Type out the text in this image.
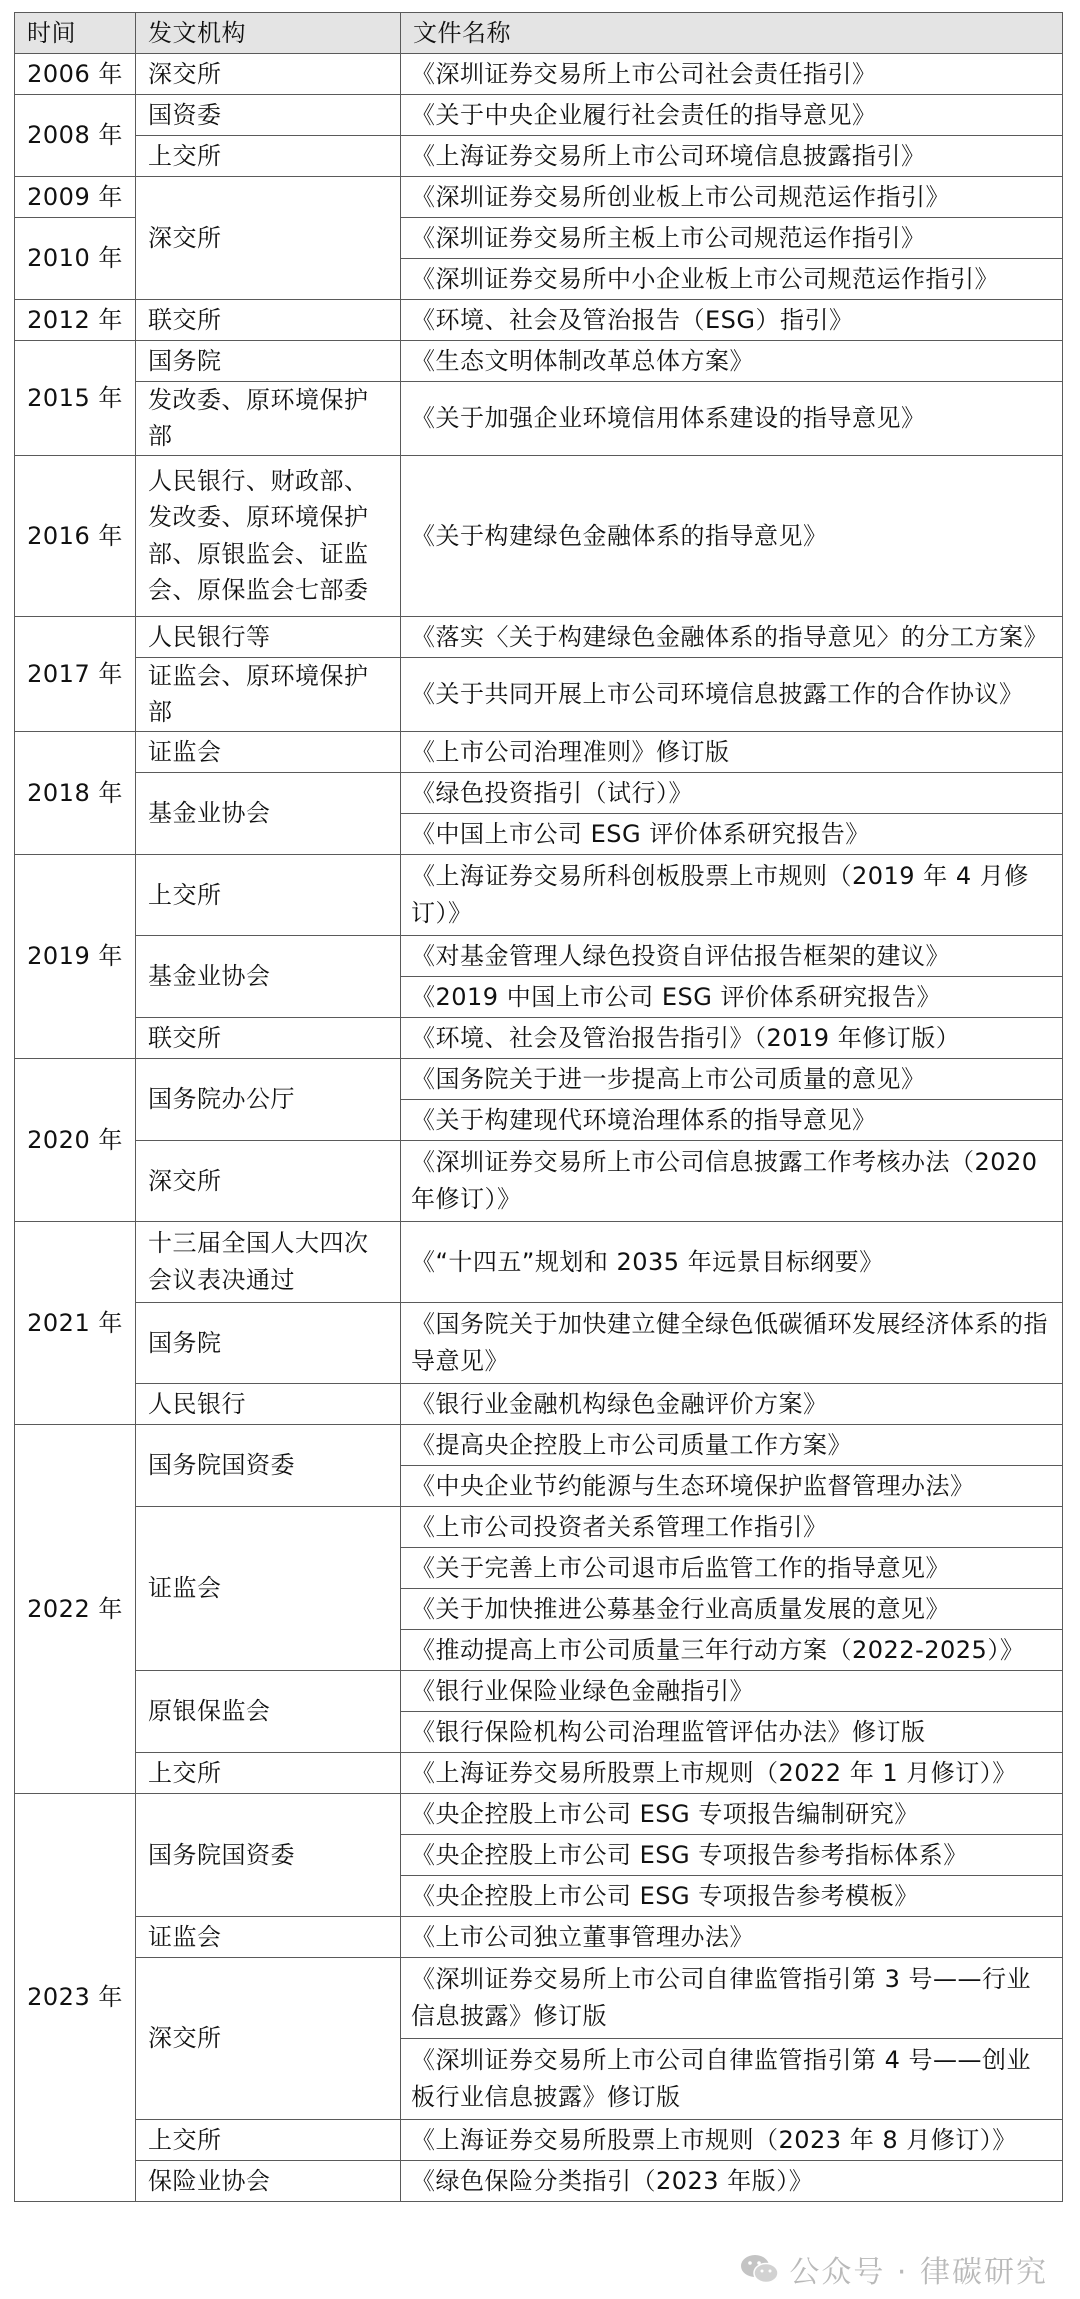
时间	发文机构	文件名称
2006 年	深交所	《深圳证券交易所上市公司社会责任指引》
2008 年	国资委	《关于中央企业履行社会责任的指导意见》
	上交所	《上海证券交易所上市公司环境信息披露指引》
2009 年	深交所	《深圳证券交易所创业板上市公司规范运作指引》
2010 年		《深圳证券交易所主板上市公司规范运作指引》
		《深圳证券交易所中小企业板上市公司规范运作指引》
2012 年	联交所	《环境、社会及管治报告（ESG）指引》
2015 年	国务院	《生态文明体制改革总体方案》
	发改委、原环境保护部	《关于加强企业环境信用体系建设的指导意见》
2016 年	人民银行、财政部、发改委、原环境保护部、原银监会、证监会、原保监会七部委	《关于构建绿色金融体系的指导意见》
2017 年	人民银行等	《落实〈关于构建绿色金融体系的指导意见〉的分工方案》
	证监会、原环境保护部	《关于共同开展上市公司环境信息披露工作的合作协议》
2018 年	证监会	《上市公司治理准则》修订版
	基金业协会	《绿色投资指引（试行）》
		《中国上市公司 ESG 评价体系研究报告》
2019 年	上交所	《上海证券交易所科创板股票上市规则（2019 年 4 月修订）》
	基金业协会	《对基金管理人绿色投资自评估报告框架的建议》
		《2019 中国上市公司 ESG 评价体系研究报告》
	联交所	《环境、社会及管治报告指引》（2019 年修订版）
2020 年	国务院办公厅	《国务院关于进一步提高上市公司质量的意见》
		《关于构建现代环境治理体系的指导意见》
	深交所	《深圳证券交易所上市公司信息披露工作考核办法（2020 年修订）》
2021 年	十三届全国人大四次会议表决通过	《“十四五”规划和 2035 年远景目标纲要》
	国务院	《国务院关于加快建立健全绿色低碳循环发展经济体系的指导意见》
	人民银行	《银行业金融机构绿色金融评价方案》
2022 年	国务院国资委	《提高央企控股上市公司质量工作方案》
		《中央企业节约能源与生态环境保护监督管理办法》
	证监会	《上市公司投资者关系管理工作指引》
		《关于完善上市公司退市后监管工作的指导意见》
		《关于加快推进公募基金行业高质量发展的意见》
		《推动提高上市公司质量三年行动方案（2022-2025）》
	原银保监会	《银行业保险业绿色金融指引》
		《银行保险机构公司治理监管评估办法》修订版
	上交所	《上海证券交易所股票上市规则（2022 年 1 月修订）》
2023 年	国务院国资委	《央企控股上市公司 ESG 专项报告编制研究》
		《央企控股上市公司 ESG 专项报告参考指标体系》
		《央企控股上市公司 ESG 专项报告参考模板》
	证监会	《上市公司独立董事管理办法》
	深交所	《深圳证券交易所上市公司自律监管指引第 3 号——行业信息披露》修订版
		《深圳证券交易所上市公司自律监管指引第 4 号——创业板行业信息披露》修订版
	上交所	《上海证券交易所股票上市规则（2023 年 8 月修订）》
	保险业协会	《绿色保险分类指引（2023 年版）》
公众号 · 律碳研究
